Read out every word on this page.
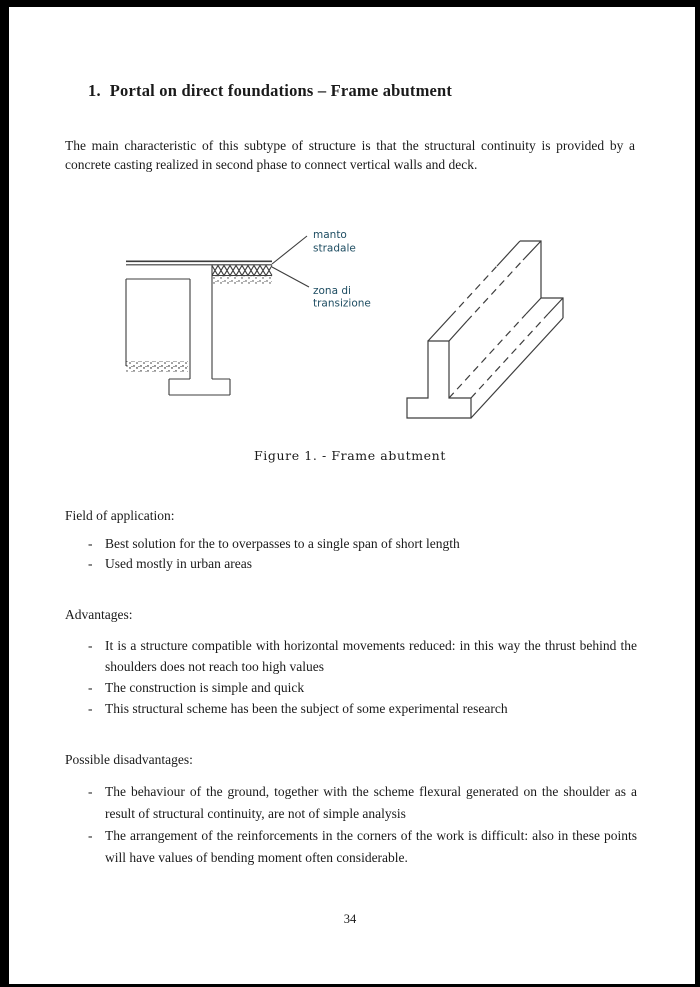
1. Portal on direct foundations – Frame abutment

The main characteristic of this subtype of structure is that the structural continuity is provided by a concrete casting realized in second phase to connect vertical walls and deck.

manto
stradale
zona di
transizione
Figure 1. - Frame abutment
Field of application:
- Best solution for the to overpasses to a single span of short length
- Used mostly in urban areas
Advantages:
- It is a structure compatible with horizontal movements reduced: in this way the thrust behind the shoulders does not reach too high values
- The construction is simple and quick
- This structural scheme has been the subject of some experimental research
Possible disadvantages:
- The behaviour of the ground, together with the scheme flexural generated on the shoulder as a result of structural continuity, are not of simple analysis
- The arrangement of the reinforcements in the corners of the work is difficult: also in these points will have values of bending moment often considerable.
34
